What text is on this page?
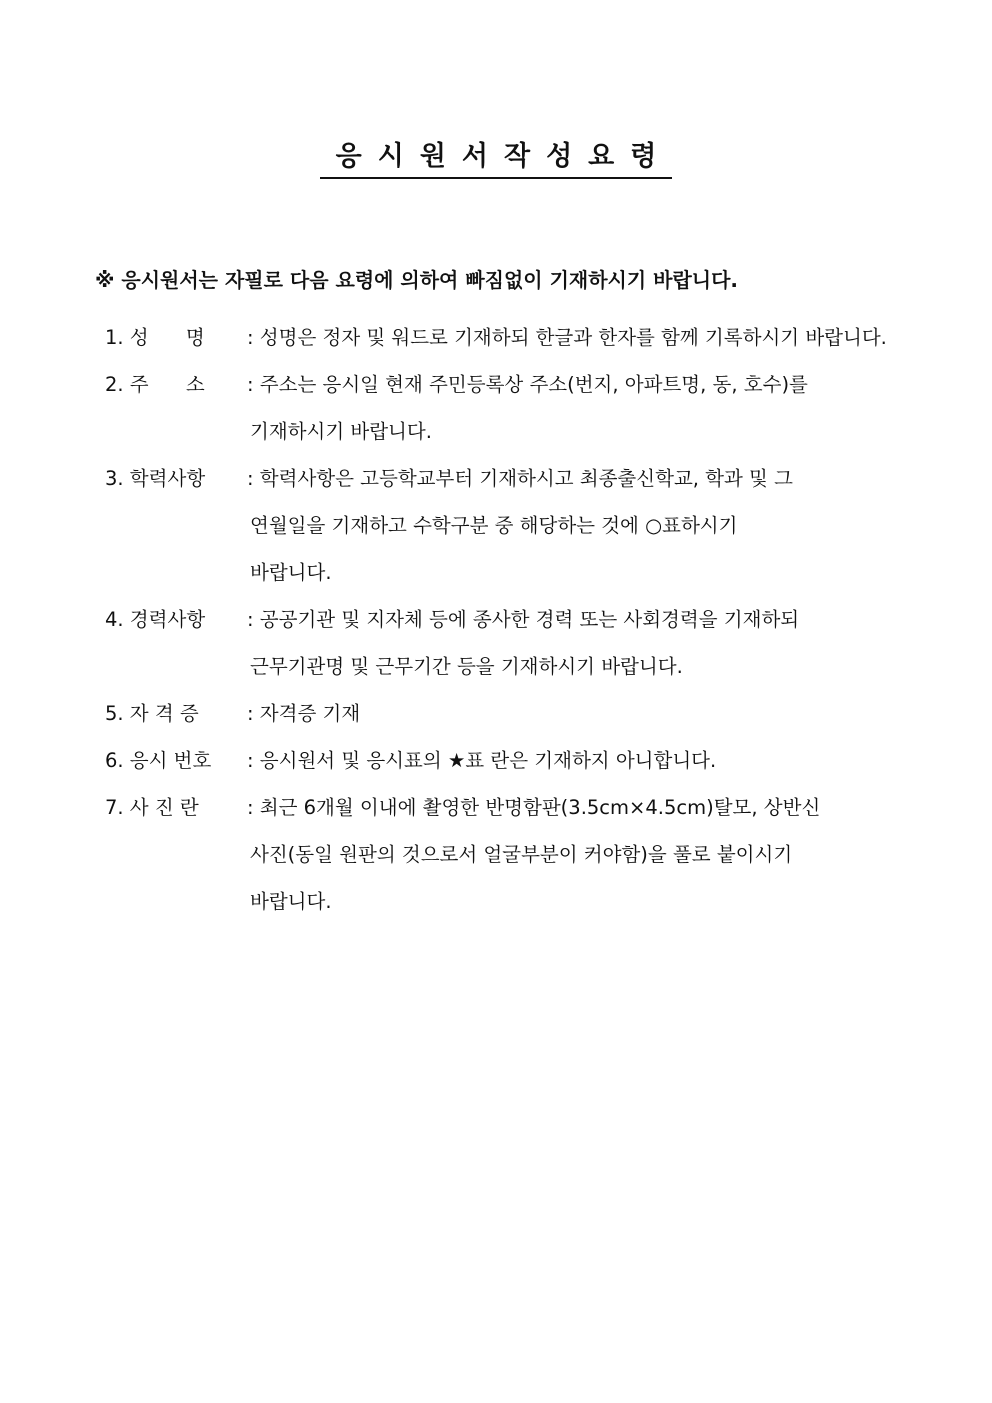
응시원서작성요령
※ 응시원서는 자필로 다음 요령에 의하여 빠짐없이 기재하시기 바랍니다.
1. 성      명	: 성명은 정자 및 워드로 기재하되 한글과 한자를 함께 기록하시기 바랍니다.
2. 주      소	: 주소는 응시일 현재 주민등록상 주소(번지, 아파트명, 동, 호수)를
기재하시기 바랍니다.
3. 학력사항	: 학력사항은 고등학교부터 기재하시고 최종출신학교, 학과 및 그
연월일을 기재하고 수학구분 중 해당하는 것에 ○표하시기
바랍니다.
4. 경력사항	: 공공기관 및 지자체 등에 종사한 경력 또는 사회경력을 기재하되
근무기관명 및 근무기간 등을 기재하시기 바랍니다.
5. 자 격 증	: 자격증 기재
6. 응시 번호	: 응시원서 및 응시표의 ★표 란은 기재하지 아니합니다.
7. 사 진 란	: 최근 6개월 이내에 촬영한 반명함판(3.5cm×4.5cm)탈모, 상반신
사진(동일 원판의 것으로서 얼굴부분이 커야함)을 풀로 붙이시기
바랍니다.
